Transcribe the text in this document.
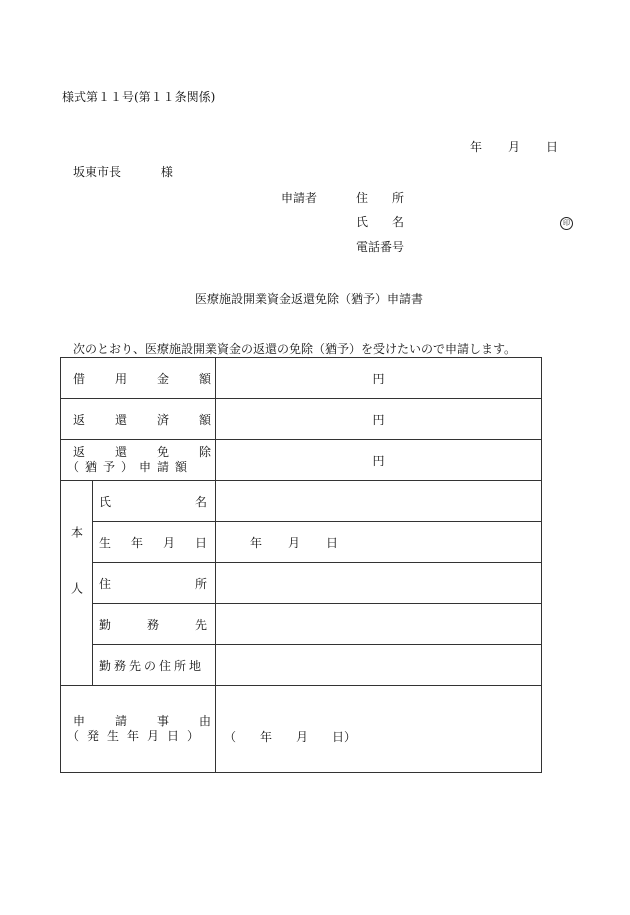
様式第１１号(第１１条関係)
年 月 日
坂東市長	様
申請者	住所
氏名	印
電話番号
医療施設開業資金返還免除（猶予）申請書
次のとおり、医療施設開業資金の返還の免除（猶予）を受けたいので申請します。
借用金額		円

返還済額		円

返還免除
（猶予）申請額		円
本人	氏名	

	生年月日	年 月 日

	住所	

	勤務先	

	勤務先の住所地	

申請事由
（発生年月日）		（　　年　　月　　日）
